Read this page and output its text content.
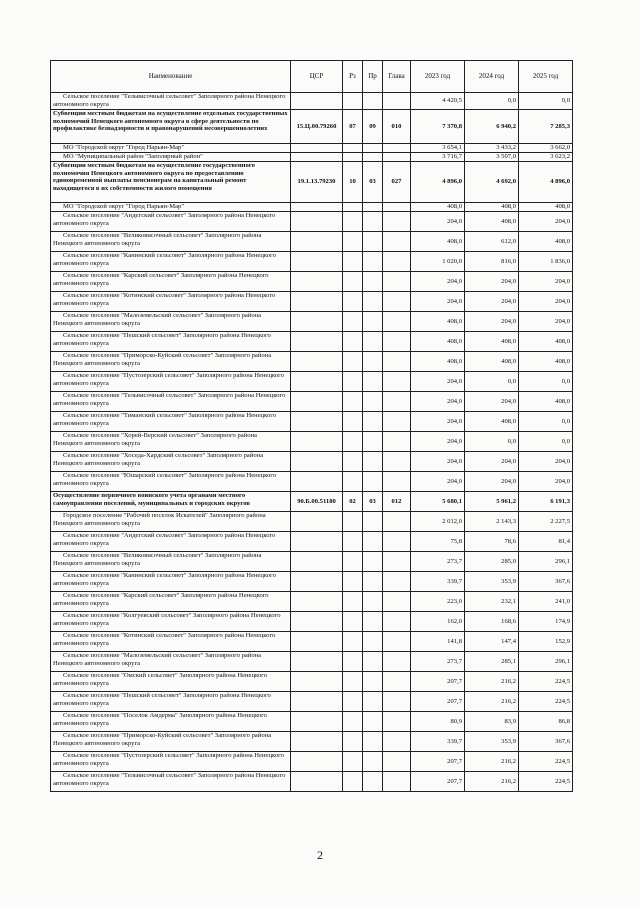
Наименование	ЦСР	Рз	Пр	Глава	2023 год	2024 год	2025 год

Сельское поселение "Тельвисочный сельсовет" Заполярного района Ненецкого автономного округа					4 420,5	0,0	0,0

Субвенции местным бюджетам на осуществление отдельных государственных полномочий Ненецкого автономного округа в сфере деятельности по профилактике безнадзорности и правонарушений несовершеннолетних	15.Ц.00.79260	07	09	010	7 370,8	6 940,2	7 285,3

МО "Городской округ "Город Нарьян-Мар"					3 654,1	3 433,2	3 662,0

МО "Муниципальный район "Заполярный район"					3 716,7	3 507,0	3 623,2

Субвенции местным бюджетам на осуществление государственного полномочия Ненецкого автономного округа по предоставлению единовременной выплаты пенсионерам на капитальный ремонт находящегося в их собственности жилого помещения	19.1.13.79230	10	03	027	4 896,0	4 692,0	4 896,0

МО "Городской округ "Город Нарьян-Мар"					408,0	408,0	408,0

Сельское поселение "Андегский сельсовет" Заполярного района Ненецкого автономного округа					204,0	408,0	204,0

Сельское поселение "Великовисочный сельсовет" Заполярного района Ненецкого автономного округа					408,0	612,0	408,0

Сельское поселение "Канинский сельсовет" Заполярного района Ненецкого автономного округа					1 020,0	816,0	1 836,0

Сельское поселение "Карский сельсовет" Заполярного района Ненецкого автономного округа					204,0	204,0	204,0

Сельское поселение "Котинский сельсовет" Заполярного района Ненецкого автономного округа					204,0	204,0	204,0

Сельское поселение "Малоземельский сельсовет" Заполярного района Ненецкого автономного округа					408,0	204,0	204,0

Сельское поселение "Пешский сельсовет" Заполярного района Ненецкого автономного округа					408,0	408,0	408,0

Сельское поселение "Приморско-Куйский сельсовет" Заполярного района Ненецкого автономного округа					408,0	408,0	408,0

Сельское поселение "Пустозерский сельсовет" Заполярного района Ненецкого автономного округа					204,0	0,0	0,0

Сельское поселение "Тельвисочный сельсовет" Заполярного района Ненецкого автономного округа					204,0	204,0	408,0

Сельское поселение "Тиманский сельсовет" Заполярного района Ненецкого автономного округа					204,0	408,0	0,0

Сельское поселение "Хорей-Верский сельсовет" Заполярного района Ненецкого автономного округа					204,0	0,0	0,0

Сельское поселение "Хоседа-Хардский сельсовет" Заполярного района Ненецкого автономного округа					204,0	204,0	204,0

Сельское поселение "Юшарский сельсовет" Заполярного района Ненецкого автономного округа					204,0	204,0	204,0

Осуществление первичного воинского учета органами местного самоуправления поселений, муниципальных и городских округов	90.Б.00.51180	02	03	012	5 680,1	5 961,2	6 191,3

Городское поселение "Рабочий поселок Искателей" Заполярного района Ненецкого автономного округа					2 012,0	2 143,3	2 227,5

Сельское поселение "Андегский сельсовет" Заполярного района Ненецкого автономного округа					75,8	78,6	81,4

Сельское поселение "Великовисочный сельсовет" Заполярного района Ненецкого автономного округа					273,7	285,0	296,1

Сельское поселение "Канинский сельсовет" Заполярного района Ненецкого автономного округа					339,7	353,9	367,6

Сельское поселение "Карский сельсовет" Заполярного района Ненецкого автономного округа					223,0	232,1	241,0

Сельское поселение "Колгуевский сельсовет" Заполярного района Ненецкого автономного округа					162,0	168,6	174,9

Сельское поселение "Котинский сельсовет" Заполярного района Ненецкого автономного округа					141,8	147,4	152,9

Сельское поселение "Малоземельский сельсовет" Заполярного района Ненецкого автономного округа					273,7	285,1	296,1

Сельское поселение "Омский сельсовет" Заполярного района Ненецкого автономного округа					207,7	216,2	224,5

Сельское поселение "Пешский сельсовет" Заполярного района Ненецкого автономного округа					207,7	216,2	224,5

Сельское поселение "Поселок Амдерма" Заполярного района Ненецкого автономного округа					80,9	83,9	86,8

Сельское поселение "Приморско-Куйский сельсовет" Заполярного района Ненецкого автономного округа					339,7	353,9	367,6

Сельское поселение "Пустозерский сельсовет" Заполярного района Ненецкого автономного округа					207,7	216,2	224,5

Сельское поселение "Тельвисочный сельсовет" Заполярного района Ненецкого автономного округа					207,7	216,2	224,5
2
